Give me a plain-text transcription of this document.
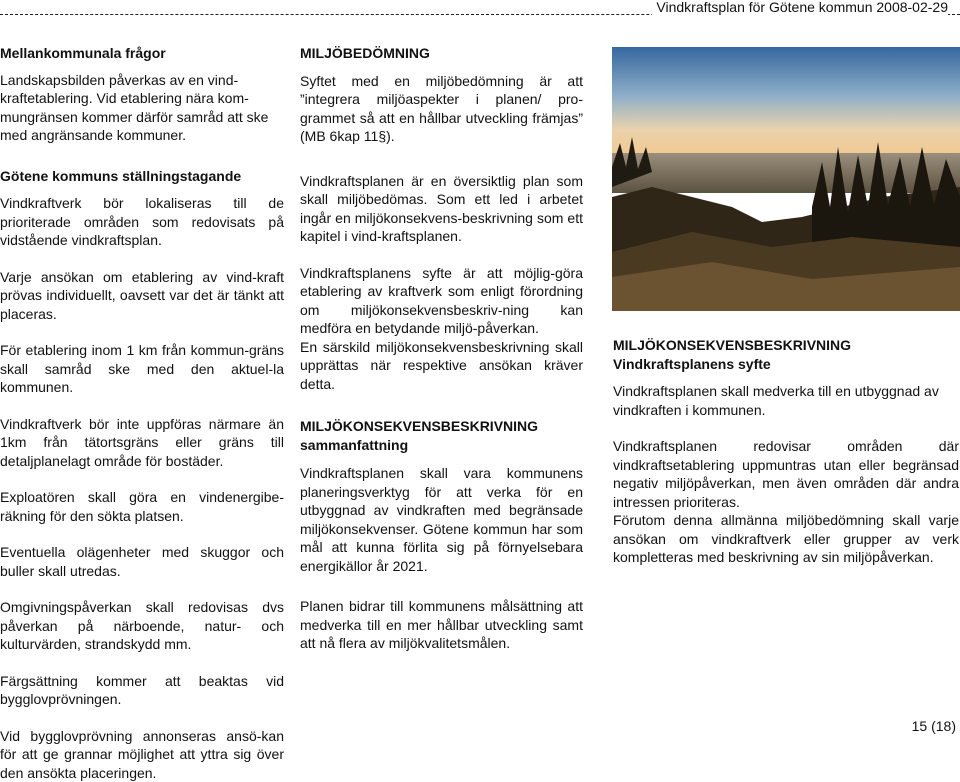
Vindkraftsplan för Götene kommun 2008-02-29

Mellankommunala frågor

Landskapsbilden påverkas av en vind-kraftetablering. Vid etablering nära kom-mungränsen kommer därför samråd att ske med angränsande kommuner.

Götene kommuns ställningstagande

Vindkraftverk bör lokaliseras till de prioriterade områden som redovisats på vidstående vindkraftsplan.

Varje ansökan om etablering av vind-kraft prövas individuellt, oavsett var det är tänkt att placeras.

För etablering inom 1 km från kommun-gräns skall samråd ske med den aktuel-la kommunen.

Vindkraftverk bör inte uppföras närmare än 1km från tätortsgräns eller gräns till detaljplanelagt område för bostäder.

Exploatören skall göra en vindenergibe-räkning för den sökta platsen.

Eventuella olägenheter med skuggor och buller skall utredas.

Omgivningspåverkan skall redovisas dvs påverkan på närboende, natur- och kulturvärden, strandskydd mm.

Färgsättning kommer att beaktas vid bygglovprövningen.

Vid bygglovprövning annonseras ansö-kan för att ge grannar möjlighet att yttra sig över den ansökta placeringen.

MILJÖBEDÖMNING

Syftet med en miljöbedömning är att ”integrera miljöaspekter i planen/ pro-grammet så att en hållbar utveckling främjas” (MB 6kap 11§).

Vindkraftsplanen är en översiktlig plan som skall miljöbedömas. Som ett led i arbetet ingår en miljökonsekvens-beskrivning som ett kapitel i vind-kraftsplanen.

Vindkraftsplanens syfte är att möjlig-göra etablering av kraftverk som enligt förordning om miljökonsekvensbeskriv-ning kan medföra en betydande miljö-påverkan.

En särskild miljökonsekvensbeskrivning skall upprättas när respektive ansökan kräver detta.

MILJÖKONSEKVENSBESKRIVNING sammanfattning

Vindkraftsplanen skall vara kommunens planeringsverktyg för att verka för en utbyggnad av vindkraften med begränsade miljökonsekvenser. Götene kommun har som mål att kunna förlita sig på förnyelsebara energikällor år 2021.

Planen bidrar till kommunens målsättning att medverka till en mer hållbar utveckling samt att nå flera av miljökvalitetsmålen.

MILJÖKONSEKVENSBESKRIVNING

Vindkraftsplanens syfte

Vindkraftsplanen skall medverka till en utbyggnad av vindkraften i kommunen.

Vindkraftsplanen redovisar områden där vindkraftsetablering uppmuntras utan eller begränsad negativ miljöpåverkan, men även områden där andra intressen prioriteras.

Förutom denna allmänna miljöbedömning skall varje ansökan om vindkraftverk eller grupper av verk kompletteras med beskrivning av sin miljöpåverkan.

15 (18)
